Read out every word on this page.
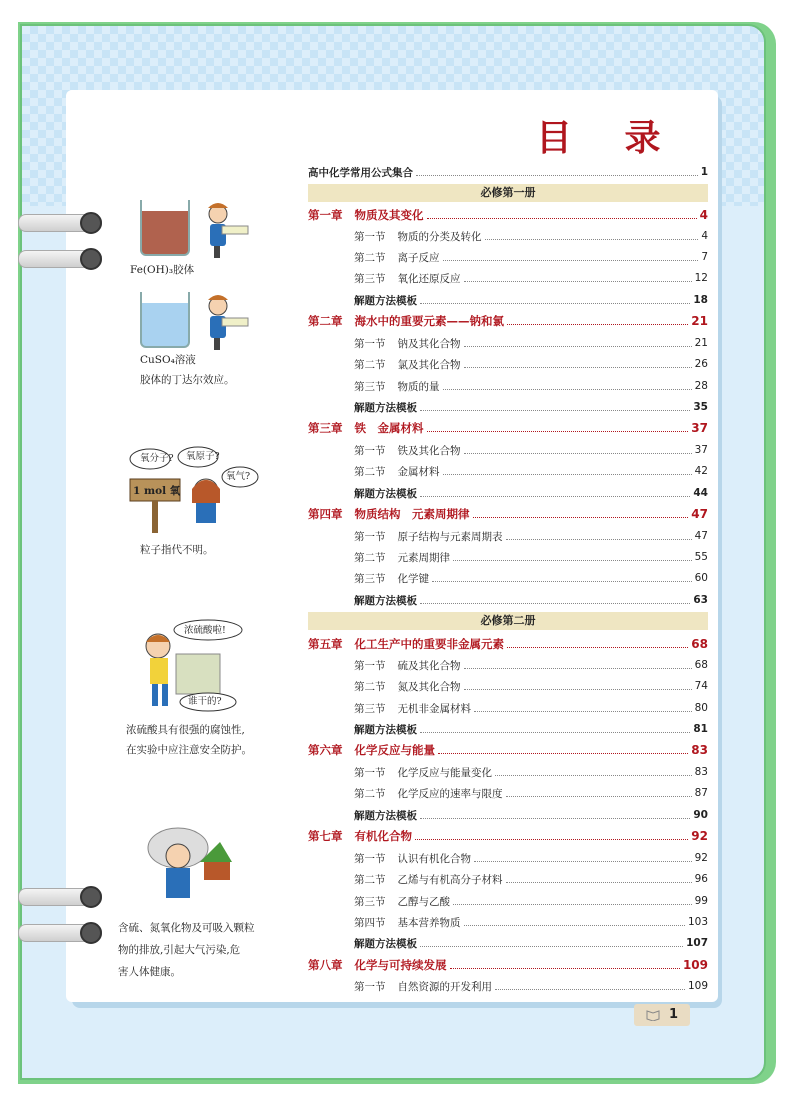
目 录
Fe(OH)₃胶体
CuSO₄溶液
胶体的丁达尔效应。
1 mol 氧
氧分子? 氧原子?
氧气?
粒子指代不明。
浓硫酸啦!
谁干的?
浓硫酸具有很强的腐蚀性,
在实验中应注意安全防护。
含硫、氮氧化物及可吸入颗粒
物的排放,引起大气污染,危
害人体健康。
高中化学常用公式集合	1
必修第一册
第一章 物质及其变化	4
第一节 物质的分类及转化	4
第二节 离子反应	7
第三节 氧化还原反应	12
解题方法模板	18
第二章 海水中的重要元素——钠和氯	21
第一节 钠及其化合物	21
第二节 氯及其化合物	26
第三节 物质的量	28
解题方法模板	35
第三章 铁　金属材料	37
第一节 铁及其化合物	37
第二节 金属材料	42
解题方法模板	44
第四章 物质结构　元素周期律	47
第一节 原子结构与元素周期表	47
第二节 元素周期律	55
第三节 化学键	60
解题方法模板	63
必修第二册
第五章 化工生产中的重要非金属元素	68
第一节 硫及其化合物	68
第二节 氮及其化合物	74
第三节 无机非金属材料	80
解题方法模板	81
第六章 化学反应与能量	83
第一节 化学反应与能量变化	83
第二节 化学反应的速率与限度	87
解题方法模板	90
第七章 有机化合物	92
第一节 认识有机化合物	92
第二节 乙烯与有机高分子材料	96
第三节 乙醇与乙酸	99
第四节 基本营养物质	103
解题方法模板	107
第八章 化学与可持续发展	109
第一节 自然资源的开发利用	109
1
